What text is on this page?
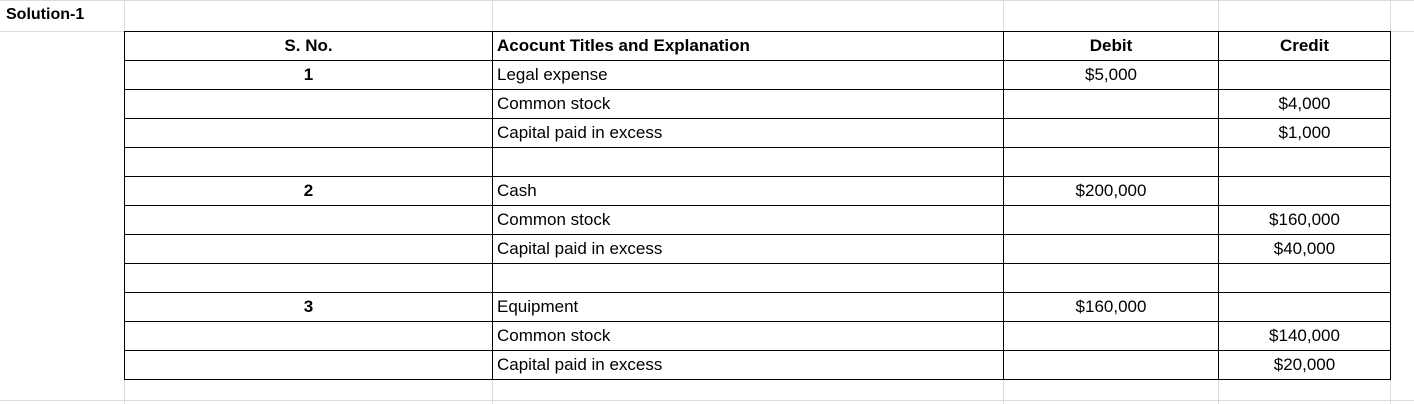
Solution-1
S. No.	Acocunt Titles and Explanation	Debit	Credit
1	Legal expense	$5,000	
	Common stock		$4,000
	Capital paid in excess		$1,000

2	Cash	$200,000	
	Common stock		$160,000
	Capital paid in excess		$40,000

3	Equipment	$160,000	
	Common stock		$140,000
	Capital paid in excess		$20,000
